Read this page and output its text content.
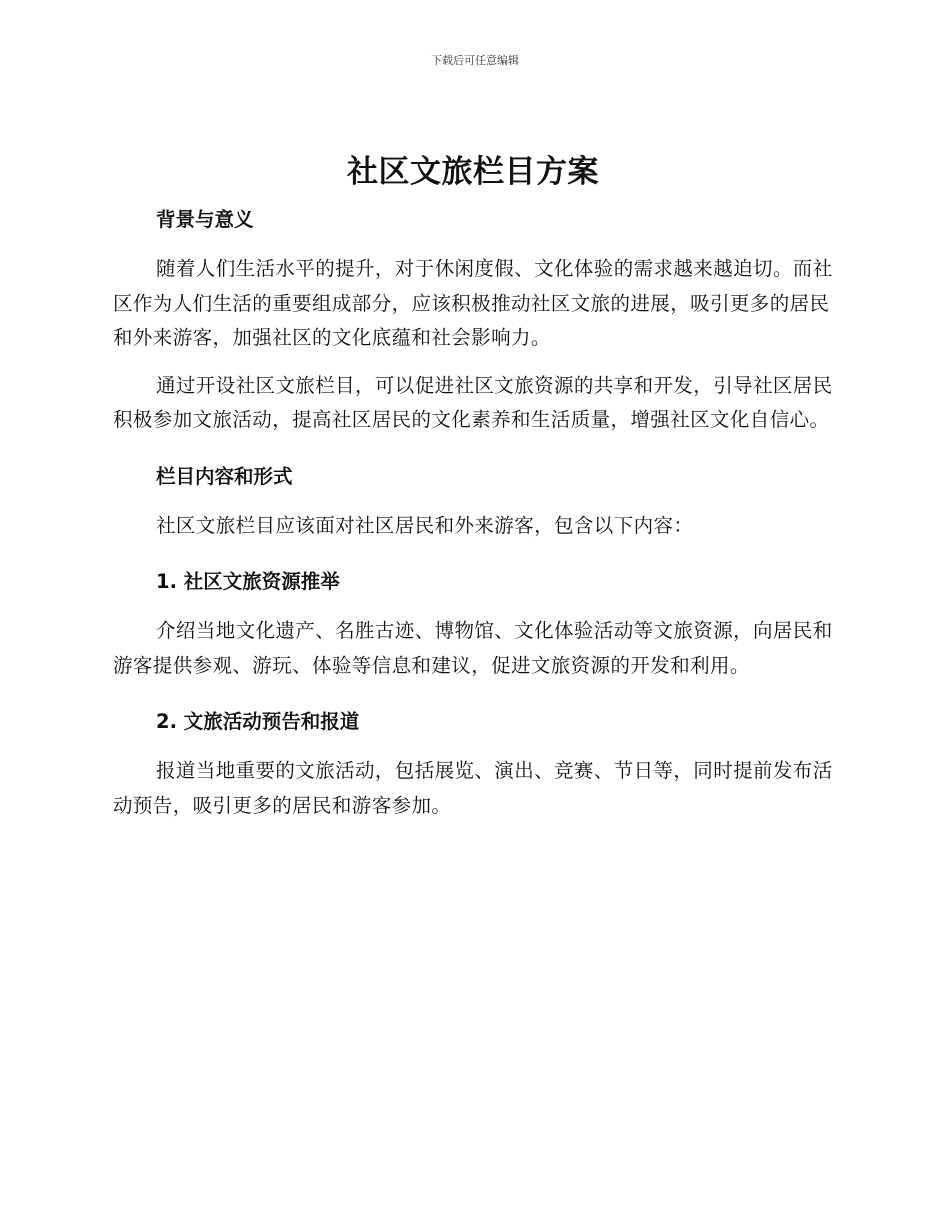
下载后可任意编辑
社区文旅栏目方案
背景与意义

随着人们生活水平的提升，对于休闲度假、文化体验的需求越来越迫切。而社区作为人们生活的重要组成部分，应该积极推动社区文旅的进展，吸引更多的居民和外来游客，加强社区的文化底蕴和社会影响力。

通过开设社区文旅栏目，可以促进社区文旅资源的共享和开发，引导社区居民积极参加文旅活动，提高社区居民的文化素养和生活质量，增强社区文化自信心。

栏目内容和形式

社区文旅栏目应该面对社区居民和外来游客，包含以下内容：

1. 社区文旅资源推举

介绍当地文化遗产、名胜古迹、博物馆、文化体验活动等文旅资源，向居民和游客提供参观、游玩、体验等信息和建议，促进文旅资源的开发和利用。

2. 文旅活动预告和报道

报道当地重要的文旅活动，包括展览、演出、竞赛、节日等，同时提前发布活动预告，吸引更多的居民和游客参加。
